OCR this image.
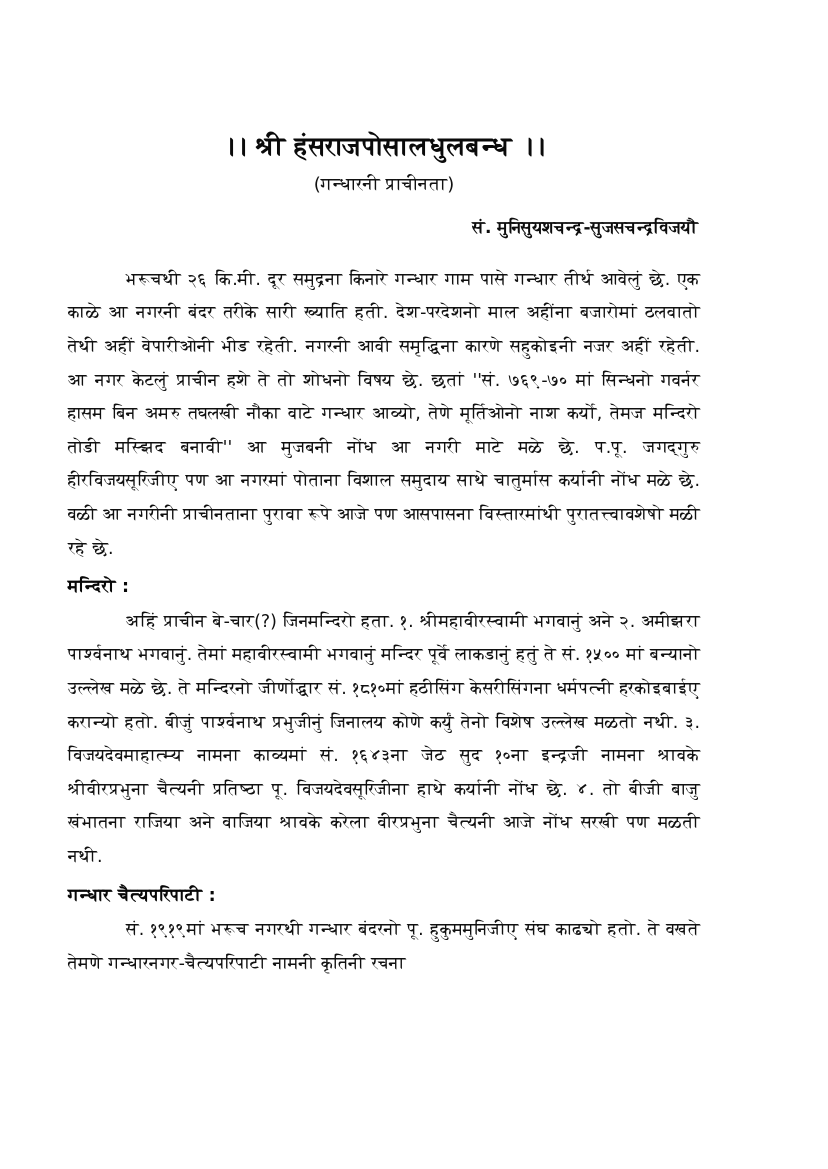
।। श्री हंसराजपोसालधुलबन्ध ।।
(गन्धारनी प्राचीनता)
सं. मुनिसुयशचन्द्र-सुजसचन्द्रविजयौ

भरूचथी २६ कि.मी. दूर समुद्रना किनारे गन्धार गाम पासे गन्धार तीर्थ आवेलुं छे. एक काळे आ नगरनी बंदर तरीके सारी ख्याति हती. देश-परदेशनो माल अहींना बजारोमां ठलवातो तेथी अहीं वेपारीओनी भीड रहेती. नगरनी आवी समृद्धिना कारणे सहुकोइनी नजर अहीं रहेती. आ नगर केटलुं प्राचीन हशे ते तो शोधनो विषय छे. छतां ''सं. ७६९-७० मां सिन्धनो गवर्नर हासम बिन अमरु तघलखी नौका वाटे गन्धार आव्यो, तेणे मूर्तिओनो नाश कर्यो, तेमज मन्दिरो तोडी मस्झिद बनावी'' आ मुजबनी नोंध आ नगरी माटे मळे छे. प.पू. जगद्गुरु हीरविजयसूरिजीए पण आ नगरमां पोताना विशाल समुदाय साथे चातुर्मास कर्यानी नोंध मळे छे. वळी आ नगरीनी प्राचीनताना पुरावा रूपे आजे पण आसपासना विस्तारमांथी पुरातत्त्वावशेषो मळी रहे छे.

मन्दिरो :

अहिं प्राचीन बे-चार(?) जिनमन्दिरो हता. १. श्रीमहावीरस्वामी भगवानुं अने २. अमीझरा पार्श्वनाथ भगवानुं. तेमां महावीरस्वामी भगवानुं मन्दिर पूर्वे लाकडानुं हतुं ते सं. १५०० मां बन्यानो उल्लेख मळे छे. ते मन्दिरनो जीर्णोद्धार सं. १८१०मां हठीसिंग केसरीसिंगना धर्मपत्नी हरकोइबाईए करान्यो हतो. बीजुं पार्श्वनाथ प्रभुजीनुं जिनालय कोणे कर्युं तेनो विशेष उल्लेख मळतो नथी. ३. विजयदेवमाहात्म्य नामना काव्यमां सं. १६४३ना जेठ सुद १०ना इन्द्रजी नामना श्रावके श्रीवीरप्रभुना चैत्यनी प्रतिष्ठा पू. विजयदेवसूरिजीना हाथे कर्यानी नोंध छे. ४. तो बीजी बाजु खंभातना राजिया अने वाजिया श्रावके करेला वीरप्रभुना चैत्यनी आजे नोंध सरखी पण मळती नथी.

गन्धार चैत्यपरिपाटी :

सं. १९१९मां भरूच नगरथी गन्धार बंदरनो पू. हुकुममुनिजीए संघ काढ्यो हतो. ते वखते तेमणे गन्धारनगर-चैत्यपरिपाटी नामनी कृतिनी रचना
